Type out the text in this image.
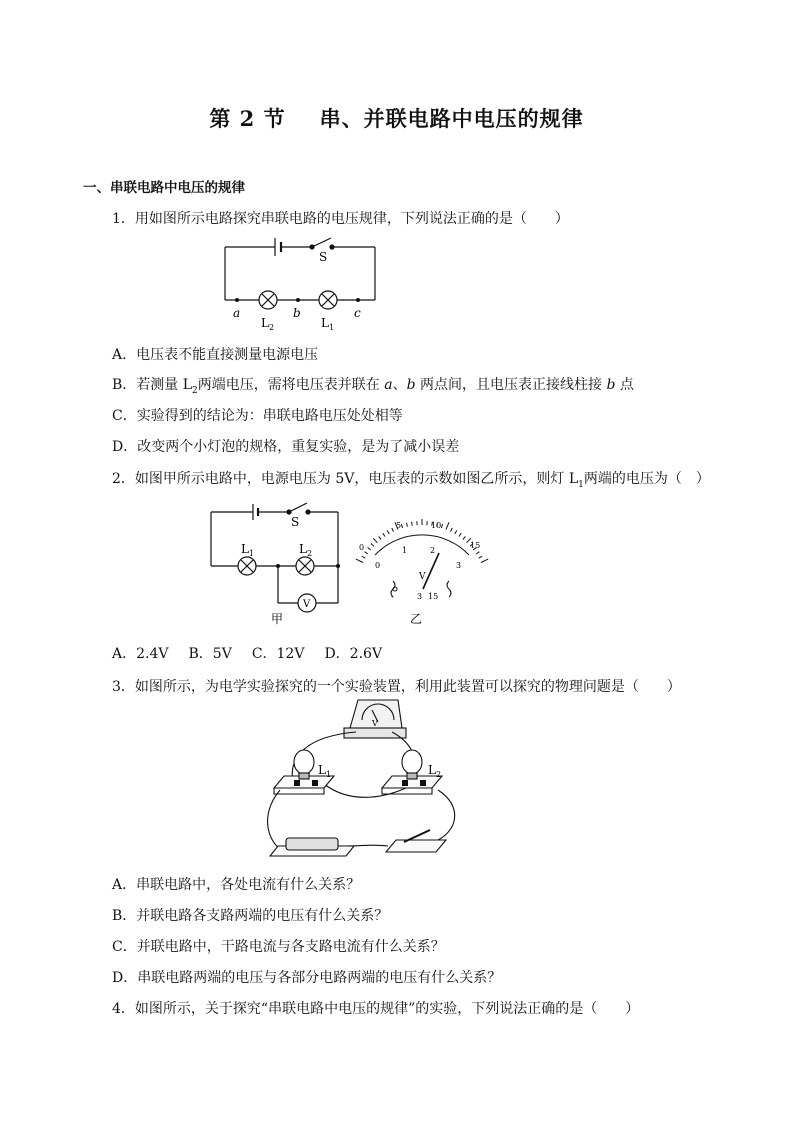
第 2 节 串、并联电路中电压的规律
一、串联电路中电压的规律
1．用如图所示电路探究串联电路的电压规律，下列说法正确的是（　　）
S
a	b	c
$L_2$	$L_1$
A．电压表不能直接测量电源电压
B．若测量 $L_2$两端电压，需将电压表并联在 a、b 两点间，且电压表正接线柱接 b 点
C．实验得到的结论为：串联电路电压处处相等
D．改变两个小灯泡的规格，重复实验，是为了减小误差
2．如图甲所示电路中，电源电压为 5V，电压表的示数如图乙所示，则灯 $L_1$两端的电压为（　）
S
$L_1$	$L_2$
V
甲
0
5	10
15
0
1	2
3
V
-	3 15
乙
A．2.4V B．5V C．12V D．2.6V
3．如图所示，为电学实验探究的一个实验装置，利用此装置可以探究的物理问题是（　　）
$L_1$	$L_2$
V
A．串联电路中，各处电流有什么关系？
B．并联电路各支路两端的电压有什么关系？
C．并联电路中，干路电流与各支路电流有什么关系？
D．串联电路两端的电压与各部分电路两端的电压有什么关系？
4．如图所示，关于探究“串联电路中电压的规律”的实验，下列说法正确的是（　　）
